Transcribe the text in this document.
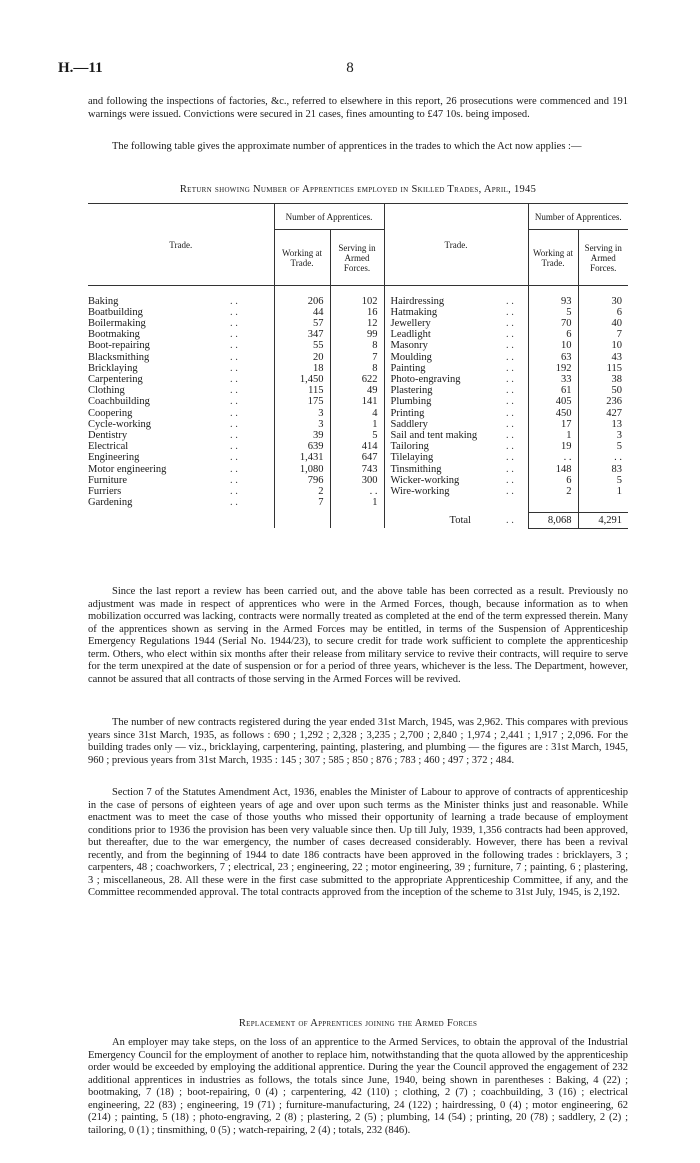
H.—11	8

and following the inspections of factories, &c., referred to elsewhere in this report, 26 prosecutions were commenced and 191 warnings were issued. Convictions were secured in 21 cases, fines amounting to £47 10s. being imposed.

The following table gives the approximate number of apprentices in the trades to which the Act now applies :—

Return showing Number of Apprentices employed in Skilled Trades, April, 1945
Trade.		Number of Apprentices.		Trade.		Number of Apprentices.	
		Working at Trade.	Serving in Armed Forces.			Working at Trade.	Serving in Armed Forces.

Baking	. .	206	102	Hairdressing	. .	93	30
Boatbuilding	. .	44	16	Hatmaking	. .	5	6
Boilermaking	. .	57	12	Jewellery	. .	70	40
Bootmaking	. .	347	99	Leadlight	. .	6	7
Boot-repairing	. .	55	8	Masonry	. .	10	10
Blacksmithing	. .	20	7	Moulding	. .	63	43
Bricklaying	. .	18	8	Painting	. .	192	115
Carpentering	. .	1,450	622	Photo-engraving	. .	33	38
Clothing	. .	115	49	Plastering	. .	61	50
Coachbuilding	. .	175	141	Plumbing	. .	405	236
Coopering	. .	3	4	Printing	. .	450	427
Cycle-working	. .	3	1	Saddlery	. .	17	13
Dentistry	. .	39	5	Sail and tent making	. .	1	3
Electrical	. .	639	414	Tailoring	. .	19	5
Engineering	. .	1,431	647	Tilelaying	. .	. .	. .
Motor engineering	. .	1,080	743	Tinsmithing	. .	148	83
Furniture	. .	796	300	Wicker-working	. .	6	5
Furriers	. .	2	. .	Wire-working	. .	2	1
Gardening	. .	7	1				

				Total	. .	8,068	4,291

Since the last report a review has been carried out, and the above table has been corrected as a result. Previously no adjustment was made in respect of apprentices who were in the Armed Forces, though, because information as to when mobilization occurred was lacking, contracts were normally treated as completed at the end of the term expressed therein. Many of the apprentices shown as serving in the Armed Forces may be entitled, in terms of the Suspension of Apprenticeship Emergency Regulations 1944 (Serial No. 1944/23), to secure credit for trade work sufficient to complete the apprenticeship term. Others, who elect within six months after their release from military service to revive their contracts, will require to serve for the term unexpired at the date of suspension or for a period of three years, whichever is the less. The Department, however, cannot be assured that all contracts of those serving in the Armed Forces will be revived.

The number of new contracts registered during the year ended 31st March, 1945, was 2,962. This compares with previous years since 31st March, 1935, as follows : 690 ; 1,292 ; 2,328 ; 3,235 ; 2,700 ; 2,840 ; 1,974 ; 2,441 ; 1,917 ; 2,096. For the building trades only — viz., bricklaying, carpentering, painting, plastering, and plumbing — the figures are : 31st March, 1945, 960 ; previous years from 31st March, 1935 : 145 ; 307 ; 585 ; 850 ; 876 ; 783 ; 460 ; 497 ; 372 ; 484.

Section 7 of the Statutes Amendment Act, 1936, enables the Minister of Labour to approve of contracts of apprenticeship in the case of persons of eighteen years of age and over upon such terms as the Minister thinks just and reasonable. While enactment was to meet the case of those youths who missed their opportunity of learning a trade because of employment conditions prior to 1936 the provision has been very valuable since then. Up till July, 1939, 1,356 contracts had been approved, but thereafter, due to the war emergency, the number of cases decreased considerably. However, there has been a revival recently, and from the beginning of 1944 to date 186 contracts have been approved in the following trades : bricklayers, 3 ; carpenters, 48 ; coachworkers, 7 ; electrical, 23 ; engineering, 22 ; motor engineering, 39 ; furniture, 7 ; painting, 6 ; plastering, 3 ; miscellaneous, 28. All these were in the first case submitted to the appropriate Apprenticeship Committee, if any, and the Committee recommended approval. The total contracts approved from the inception of the scheme to 31st July, 1945, is 2,192.

Replacement of Apprentices joining the Armed Forces

An employer may take steps, on the loss of an apprentice to the Armed Services, to obtain the approval of the Industrial Emergency Council for the employment of another to replace him, notwithstanding that the quota allowed by the apprenticeship order would be exceeded by employing the additional apprentice. During the year the Council approved the engagement of 232 additional apprentices in industries as follows, the totals since June, 1940, being shown in parentheses : Baking, 4 (22) ; bootmaking, 7 (18) ; boot-repairing, 0 (4) ; carpentering, 42 (110) ; clothing, 2 (7) ; coachbuilding, 3 (16) ; electrical engineering, 22 (83) ; engineering, 19 (71) ; furniture-manufacturing, 24 (122) ; hairdressing, 0 (4) ; motor engineering, 62 (214) ; painting, 5 (18) ; photo-engraving, 2 (8) ; plastering, 2 (5) ; plumbing, 14 (54) ; printing, 20 (78) ; saddlery, 2 (2) ; tailoring, 0 (1) ; tinsmithing, 0 (5) ; watch-repairing, 2 (4) ; totals, 232 (846).
